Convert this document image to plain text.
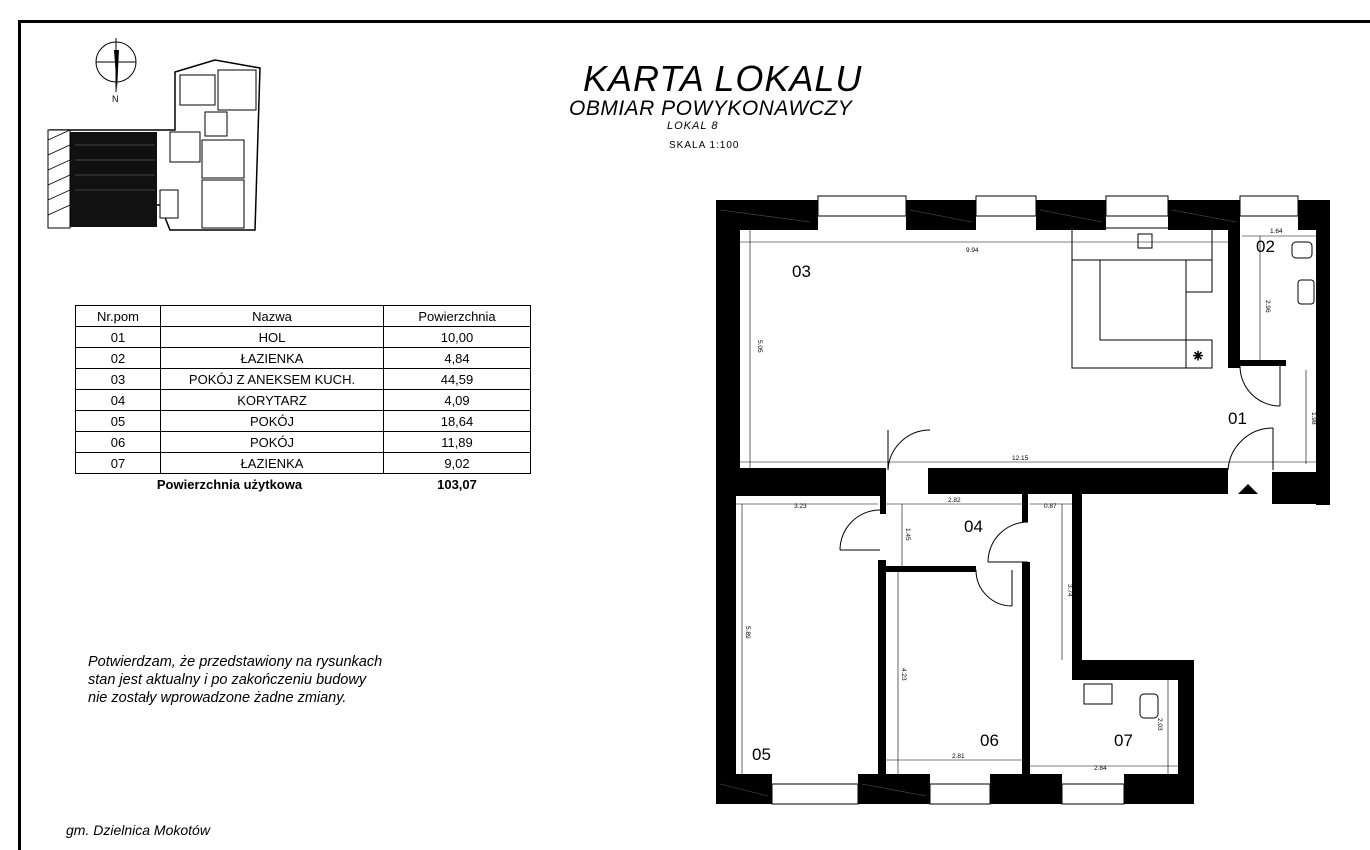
N	KARTA LOKALU
OBMIAR POWYKONAWCZY
LOKAL 8
SKALA 1:100
Nr.pom	Nazwa	Powierzchnia
01	HOL	10,00
02	ŁAZIENKA	4,84
03	POKÓJ Z ANEKSEM KUCH.	44,59
04	KORYTARZ	4,09
05	POKÓJ	18,64
06	POKÓJ	11,89
07	ŁAZIENKA	9,02
Powierzchnia użytkowa		103,07
Potwierdzam, że przedstawiony na rysunkach
stan jest aktualny i po zakończeniu budowy
nie zostały wprowadzone żadne zmiany.
gm. Dzielnica Mokotów
✳
9.94
1.64
2.96
5.05
1.98
12.15
3.23
2.82
0.87
1.45
3.74
5.89
4.23
2.81
2.84
2.03
03
02
01
04
05
06	07
